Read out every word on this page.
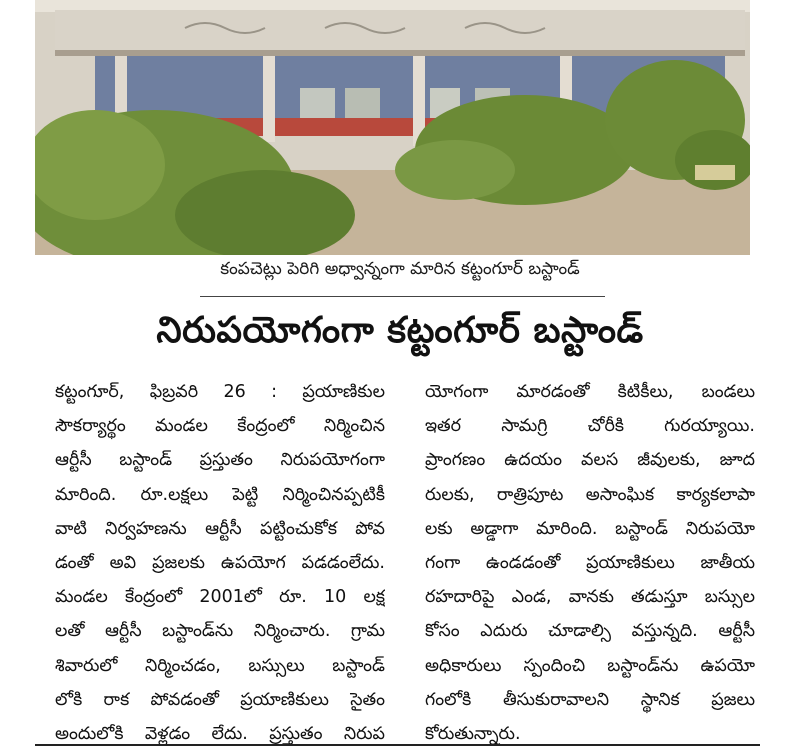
కంపచెట్లు పెరిగి అధ్వాన్నంగా మారిన కట్టంగూర్ బస్టాండ్
నిరుపయోగంగా కట్టంగూర్ బస్టాండ్
కట్టంగూర్, ఫిబ్రవరి 26 : ప్రయాణికుల
సౌకర్యార్థం మండల కేంద్రంలో నిర్మించిన
ఆర్టీసీ బస్టాండ్ ప్రస్తుతం నిరుపయోగంగా
మారింది. రూ.లక్షలు పెట్టి నిర్మించినప్పటికీ
వాటి నిర్వహణను ఆర్టీసీ పట్టించుకోక పోవ
డంతో అవి ప్రజలకు ఉపయోగ పడడంలేదు.
మండల కేంద్రంలో 2001లో రూ. 10 లక్ష
లతో ఆర్టీసీ బస్టాండ్‌ను నిర్మించారు. గ్రామ
శివారులో నిర్మించడం, బస్సులు బస్టాండ్
లోకి రాక పోవడంతో ప్రయాణికులు సైతం
అందులోకి వెళ్లడం లేదు. ప్రస్తుతం నిరుప
యోగంగా మారడంతో కిటికీలు, బండలు
ఇతర సామగ్రి చోరీకి గురయ్యాయి.
ప్రాంగణం ఉదయం వలస జీవులకు, జూద
రులకు, రాత్రిపూట అసాంఘిక కార్యకలాపా
లకు అడ్డాగా మారింది. బస్టాండ్ నిరుపయో
గంగా ఉండడంతో ప్రయాణికులు జాతీయ
రహదారిపై ఎండ, వానకు తడుస్తూ బస్సుల
కోసం ఎదురు చూడాల్సి వస్తున్నది. ఆర్టీసీ
అధికారులు స్పందించి బస్టాండ్‌ను ఉపయో
గంలోకి తీసుకురావాలని స్థానిక ప్రజలు
కోరుతున్నారు.
